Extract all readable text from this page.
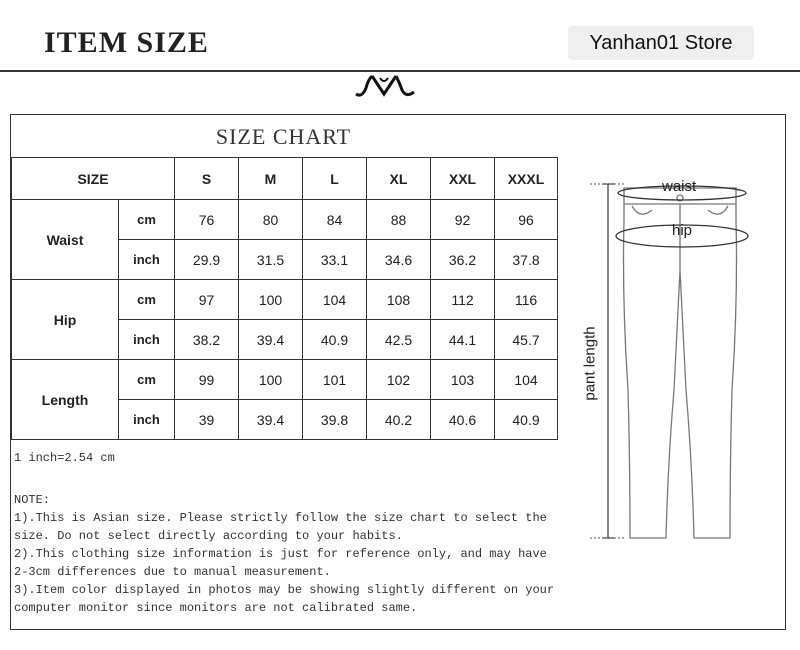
ITEM SIZE	Yanhan01 Store
SIZE CHART
SIZE		S	M	L	XL	XXL	XXXL
Waist	cm	76	80	84	88	92	96
	inch	29.9	31.5	33.1	34.6	36.2	37.8
Hip	cm	97	100	104	108	112	116
	inch	38.2	39.4	40.9	42.5	44.1	45.7
Length	cm	99	100	101	102	103	104
	inch	39	39.4	39.8	40.2	40.6	40.9
1 inch=2.54 cm
NOTE:
1).This is Asian size. Please strictly follow the size chart to select the
size. Do not select directly according to your habits.
2).This clothing size information is just for reference only, and may have
2-3cm differences due to manual measurement.
3).Item color displayed in photos may be showing slightly different on your
computer monitor since monitors are not calibrated same.
waist
hip
pant length
